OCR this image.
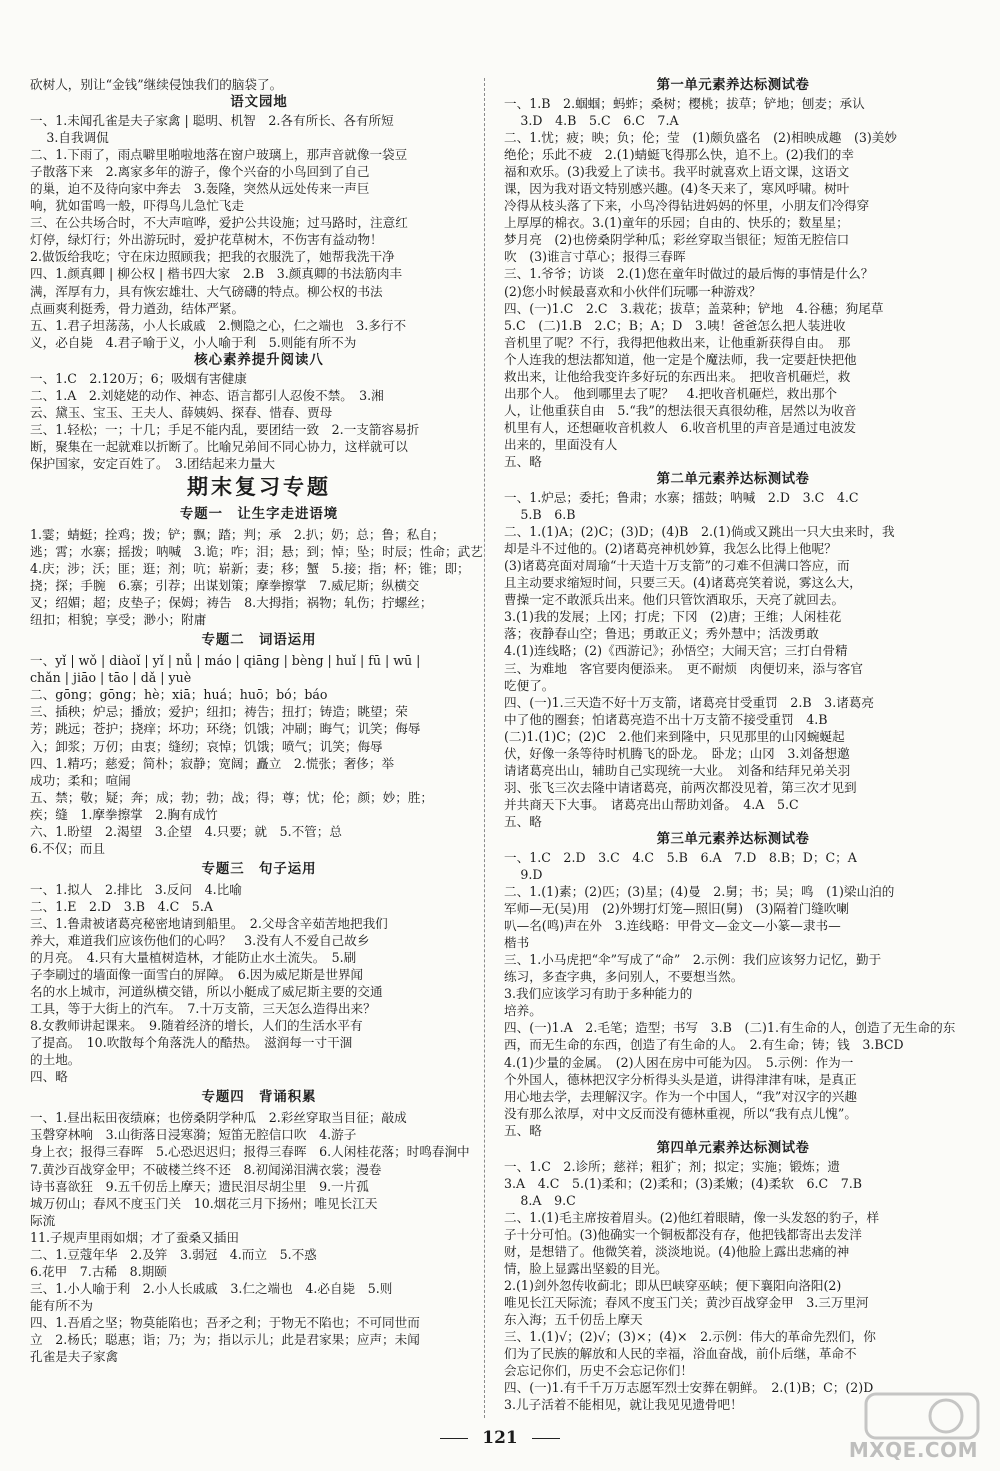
砍树人，别让“金钱”继续侵蚀我们的脑袋了。
语文园地
一、1.未闻孔雀是夫子家禽 | 聪明、机智　2.各有所长、各有所短
3.自我调侃
二、1.下雨了，雨点噼里啪啦地落在窗户玻璃上，那声音就像一袋豆
子散落下来　2.离家多年的游子，像个兴奋的小鸟回到了自己
的巢，迫不及待向家中奔去　3.轰隆，突然从远处传来一声巨
响，犹如雷鸣一般，吓得鸟儿急忙飞走
三、在公共场合时，不大声喧哗，爱护公共设施；过马路时，注意红
灯停，绿灯行；外出游玩时，爱护花草树木，不伤害有益动物！
2.做饭给我吃；守在床边照顾我；把我的衣服洗了，她帮我洗干净
四、1.颜真卿 | 柳公权 | 楷书四大家　2.B　3.颜真卿的书法筋肉丰
满，浑厚有力，具有恢宏雄壮、大气磅礴的特点。柳公权的书法
点画爽利挺秀，骨力遒劲，结体严紧。
五、1.君子坦荡荡，小人长戚戚　2.恻隐之心，仁之端也　3.多行不
义，必自毙　4.君子喻于义，小人喻于利　5.则能有所不为
核心素养提升阅读八
一、1.C　2.120万；6；吸烟有害健康
二、1.A　2.刘姥姥的动作、神态、语言都引人忍俊不禁。　3.湘
云、黛玉、宝玉、王夫人、薛姨妈、探春、惜春、贾母
三、1.轻松；一；十几；手足不能内乱，要团结一致　2.一支箭容易折
断，聚集在一起就难以折断了。比喻兄弟间不同心协力，这样就可以
保护国家，安定百姓了。　3.团结起来力量大
期末复习专题
专题一　让生字走进语境
1.霎；蜻蜓；拴鸡；拨；铲；飘；踏；判；承　2.扒；奶；总；鲁；私自；
逃；霄；水寨；摇拨；呐喊　3.诡；咋；泪；悬；到；悼；坠；时辰；性命；武艺
4.庆；涉；沃；匪；逛；剂；吭；崭新；妻；移；蟹　5.接；指；杯；锥；即；
挠；探；手腕　6.寨；引荐；出谋划策；摩拳擦掌　7.威尼斯；纵横交
叉；绍媚；超；皮垫子；保姆；祷告　8.大拇指；祸物；轧伤；拧螺丝；
纽扣；相貌；享受；渺小；附庸
专题二　词语运用
一、yǐ | wǒ | diàoǐ | yǐ | nǚ | máo | qiāng | bèng | huǐ | fū | wū |
chǎn | jiāo | tāo | dǎ | yuè
二、gōng；gōng；hè；xiā；huá；huō；bó；báo
三、插秧；炉忌；播放；爱护；纽扣；祷告；扭打；铸造；眺望；荣
芳；跳远；苍护；挠痒；坏功；环绕；饥饿；冲刷；晦气；讥笑；侮辱
入；卸浆；万仞；由衷；缝纫；哀悼；饥饿；喷气；讥笑；侮辱
四、1.精巧；慈爱；简朴；寂静；宽阔；矗立　2.慌张；奢侈；举
成功；柔和；喧闹
五、禁；敬；疑；奔；成；勃；勃；战；得；尊；忧；伦；颜；妙；胜；
疾；缝　1.摩拳擦掌　2.胸有成竹
六、1.盼望　2.渴望　3.企望　4.只要；就　5.不管；总
6.不仅；而且
专题三　句子运用
一、1.拟人　2.排比　3.反问　4.比喻
二、1.E　2.D　3.B　4.C　5.A
三、1.鲁肃被诸葛亮秘密地请到船里。　2.父母含辛茹苦地把我们
养大，难道我们应该伤他们的心吗？　3.没有人不爱自己故乡
的月亮。　4.只有大量植树造林，才能防止水土流失。　5.刷
子李刷过的墙面像一面雪白的屏障。　6.因为威尼斯是世界闻
名的水上城市，河道纵横交错，所以小艇成了威尼斯主要的交通
工具，等于大街上的汽车。　7.十万支箭，三天怎么造得出来？
8.女教师讲起课来。　9.随着经济的增长，人们的生活水平有
了提高。　10.吹散每个角落洗人的酷热。　滋润每一寸干涸
的土地。
四、略
专题四　背诵积累
一、1.昼出耘田夜绩麻；也傍桑阴学种瓜　2.彩丝穿取当目征；敲成
玉磬穿林响　3.山街落日浸寒漪；短笛无腔信口吹　4.游子
身上衣；报得三春晖　5.心恐迟迟归；报得三春晖　6.人闲桂花落；时鸣春涧中
7.黄沙百战穿金甲；不破楼兰终不还　8.初闻涕泪满衣裳；漫卷
诗书喜欲狂　9.五千仞岳上摩天；遗民泪尽胡尘里　9.一片孤
城万仞山；春风不度玉门关　10.烟花三月下扬州；唯见长江天
际流
11.子规声里雨如烟；才了蚕桑又插田
二、1.豆蔻年华　2.及笄　3.弱冠　4.而立　5.不惑
6.花甲　7.古稀　8.期颐
三、1.小人喻于利　2.小人长戚戚　3.仁之端也　4.必自毙　5.则
能有所不为
四、1.吾盾之坚；物莫能陷也；吾矛之利；于物无不陷也；不可同世而
立　2.杨氏；聪惠；诣；乃；为；指以示儿；此是君家果；应声；未闻
孔雀是夫子家禽
第一单元素养达标测试卷
一、1.B　2.蝈蝈；蚂蚱；桑树；樱桃；拔草；铲地；刨麦；承认
3.D　4.B　5.C　6.C　7.A
二、1.忧；疲；映；负；伦；莹　(1)颇负盛名　(2)相映成趣　(3)美妙
绝伦；乐此不疲　2.(1)蜻蜓飞得那么快，追不上。(2)我们的幸
福和欢乐。(3)我爱上了读书。我平时就喜欢上语文课，这语文
课，因为我对语文特别感兴趣。(4)冬天来了，寒风呼啸。树叶
冷得从枝头落了下来，小鸟冷得钻进妈妈的怀里，小朋友们冷得穿
上厚厚的棉衣。3.(1)童年的乐园；自由的、快乐的；数星星；
梦月亮　(2)也傍桑阴学种瓜；彩丝穿取当银征；短笛无腔信口
吹　(3)谁言寸草心；报得三春晖
三、1.爷爷；访谈　2.(1)您在童年时做过的最后悔的事情是什么？
(2)您小时候最喜欢和小伙伴们玩哪一种游戏？
四、(一)1.C　2.C　3.栽花；拔草；盖菜种；铲地　4.谷穗；狗尾草
5.C　(二)1.B　2.C；B；A；D　3.咦！爸爸怎么把人装进收
音机里了呢？不行，我得把他救出来，让他重新获得自由。　那
个人连我的想法都知道，他一定是个魔法师，我一定要赶快把他
救出来，让他给我变许多好玩的东西出来。　把收音机砸烂，救
出那个人。　他到哪里去了呢？　4.把收音机砸烂，救出那个
人，让他重获自由　5.“我”的想法很天真很幼稚，居然以为收音
机里有人，还想砸收音机救人　6.收音机里的声音是通过电波发
出来的，里面没有人
五、略
第二单元素养达标测试卷
一、1.炉忌；委托；鲁肃；水寨；擂鼓；呐喊　2.D　3.C　4.C
5.B　6.B
二、1.(1)A；(2)C；(3)D；(4)B　2.(1)倘或又跳出一只大虫来时，我
却是斗不过他的。(2)诸葛亮神机妙算，我怎么比得上他呢？
(3)诸葛亮面对周瑜“十天造十万支箭”的刁难不但满口答应，而
且主动要求缩短时间，只要三天。(4)诸葛亮笑着说，雾这么大，
曹操一定不敢派兵出来。他们只管饮酒取乐，天亮了就回去。
3.(1)我的发展；上冈；打虎；下冈　(2)唐；王维；人闲桂花
落；夜静春山空；鲁迅；勇敢正义；秀外慧中；活泼勇敢
4.(1)连线略；(2)《西游记》；孙悟空；大闹天宫；三打白骨精
三、为难地　客官要肉便添来。　更不耐烦　肉便切来，添与客官
吃便了。
四、(一)1.三天造不好十万支箭，诸葛亮甘受重罚　2.B　3.诸葛亮
中了他的圈套；怕诸葛亮造不出十万支箭不接受重罚　4.B
(二)1.(1)C；(2)C　2.他们来到隆中，只见那里的山冈蜿蜒起
伏，好像一条等待时机腾飞的卧龙。　卧龙；山冈　3.刘备想邀
请诸葛亮出山，辅助自己实现统一大业。　刘备和结拜兄弟关羽
羽、张飞三次去隆中请诸葛亮，前两次都没见着，第三次才见到
并共商天下大事。　诸葛亮出山帮助刘备。　4.A　5.C
五、略
第三单元素养达标测试卷
一、1.C　2.D　3.C　4.C　5.B　6.A　7.D　8.B；D；C；A
9.D
二、1.(1)素；(2)匹；(3)星；(4)曼　2.舅；书；吴；鸣　(1)梁山泊的
军师—无(吴)用　(2)外甥打灯笼—照旧(舅)　(3)隔着门缝吹喇
叭—名(鸣)声在外　3.连线略：甲骨文—金文—小篆—隶书—
楷书
三、1.小马虎把“伞”写成了“命”　2.示例：我们应该努力记忆，勤于
练习，多查字典，多问别人，不要想当然。
3.我们应该学习有助于多种能力的
培养。
四、(一)1.A　2.毛笔；造型；书写　3.B　(二)1.有生命的人，创造了无生命的东
西，而无生命的东西，创造了有生命的人。　2.有生命；铸；钱　3.BCD
4.(1)少量的金属。　(2)人困在房中可能为囚。　5.示例：作为一
个外国人，德林把汉字分析得头头是道，讲得津津有味，是真正
用心地去学，去理解汉字。作为一个中国人，“我”对汉字的兴趣
没有那么浓厚，对中文反而没有德林重视，所以“我有点儿愧”。
五、略
第四单元素养达标测试卷
一、1.C　2.诊所；慈祥；粗犷；剂；拟定；实施；锻炼；遗
3.A　4.C　5.(1)柔和；(2)柔和；(3)柔嫩；(4)柔软　6.C　7.B
8.A　9.C
二、1.(1)毛主席按着眉头。(2)他红着眼睛，像一头发怒的豹子，样
子十分可怕。(3)他确实一个铜板都没有存，他把钱都寄出去发洋
财，是想错了。他微笑着，淡淡地说。(4)他脸上露出悲痛的神
情，脸上显露出坚毅的目光。
2.(1)剑外忽传收蓟北；即从巴峡穿巫峡；便下襄阳向洛阳(2)
唯见长江天际流；春风不度玉门关；黄沙百战穿金甲　3.三万里河
东入海；五千仞岳上摩天
三、1.(1)√；(2)√；(3)×；(4)×　2.示例：伟大的革命先烈们，你
们为了民族的解放和人民的幸福，浴血奋战，前仆后继，革命不
会忘记你们，历史不会忘记你们！
四、(一)1.有千千万万志愿军烈士安葬在朝鲜。　2.(1)B；C；(2)D
3.儿子活着不能相见，就让我见见遗骨吧！
121	MXQE.COM
